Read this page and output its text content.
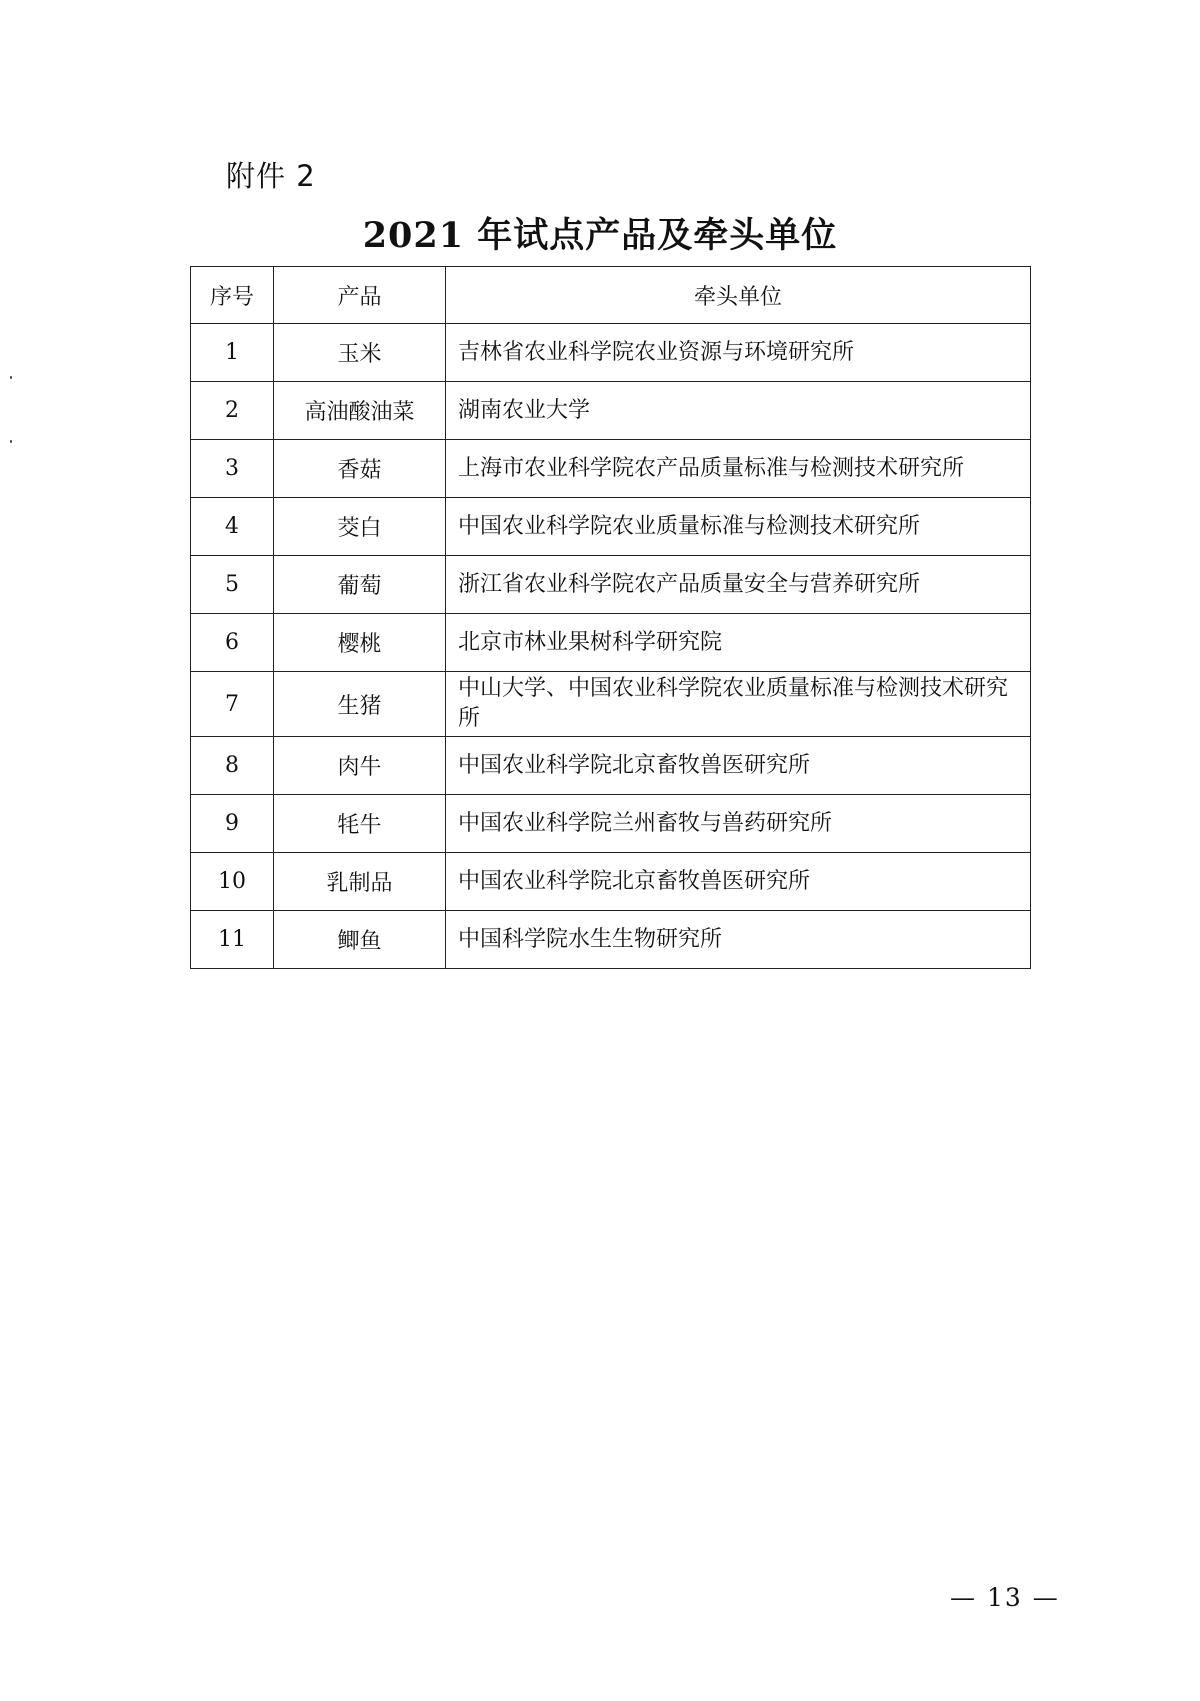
附件 2
2021 年试点产品及牵头单位
序号	产品	牵头单位
1	玉米	吉林省农业科学院农业资源与环境研究所
2	高油酸油菜	湖南农业大学
3	香菇	上海市农业科学院农产品质量标准与检测技术研究所
4	茭白	中国农业科学院农业质量标准与检测技术研究所
5	葡萄	浙江省农业科学院农产品质量安全与营养研究所
6	樱桃	北京市林业果树科学研究院
7	生猪	中山大学、中国农业科学院农业质量标准与检测技术研究所
8	肉牛	中国农业科学院北京畜牧兽医研究所
9	牦牛	中国农业科学院兰州畜牧与兽药研究所
10	乳制品	中国农业科学院北京畜牧兽医研究所
11	鲫鱼	中国科学院水生生物研究所
— 13 —
